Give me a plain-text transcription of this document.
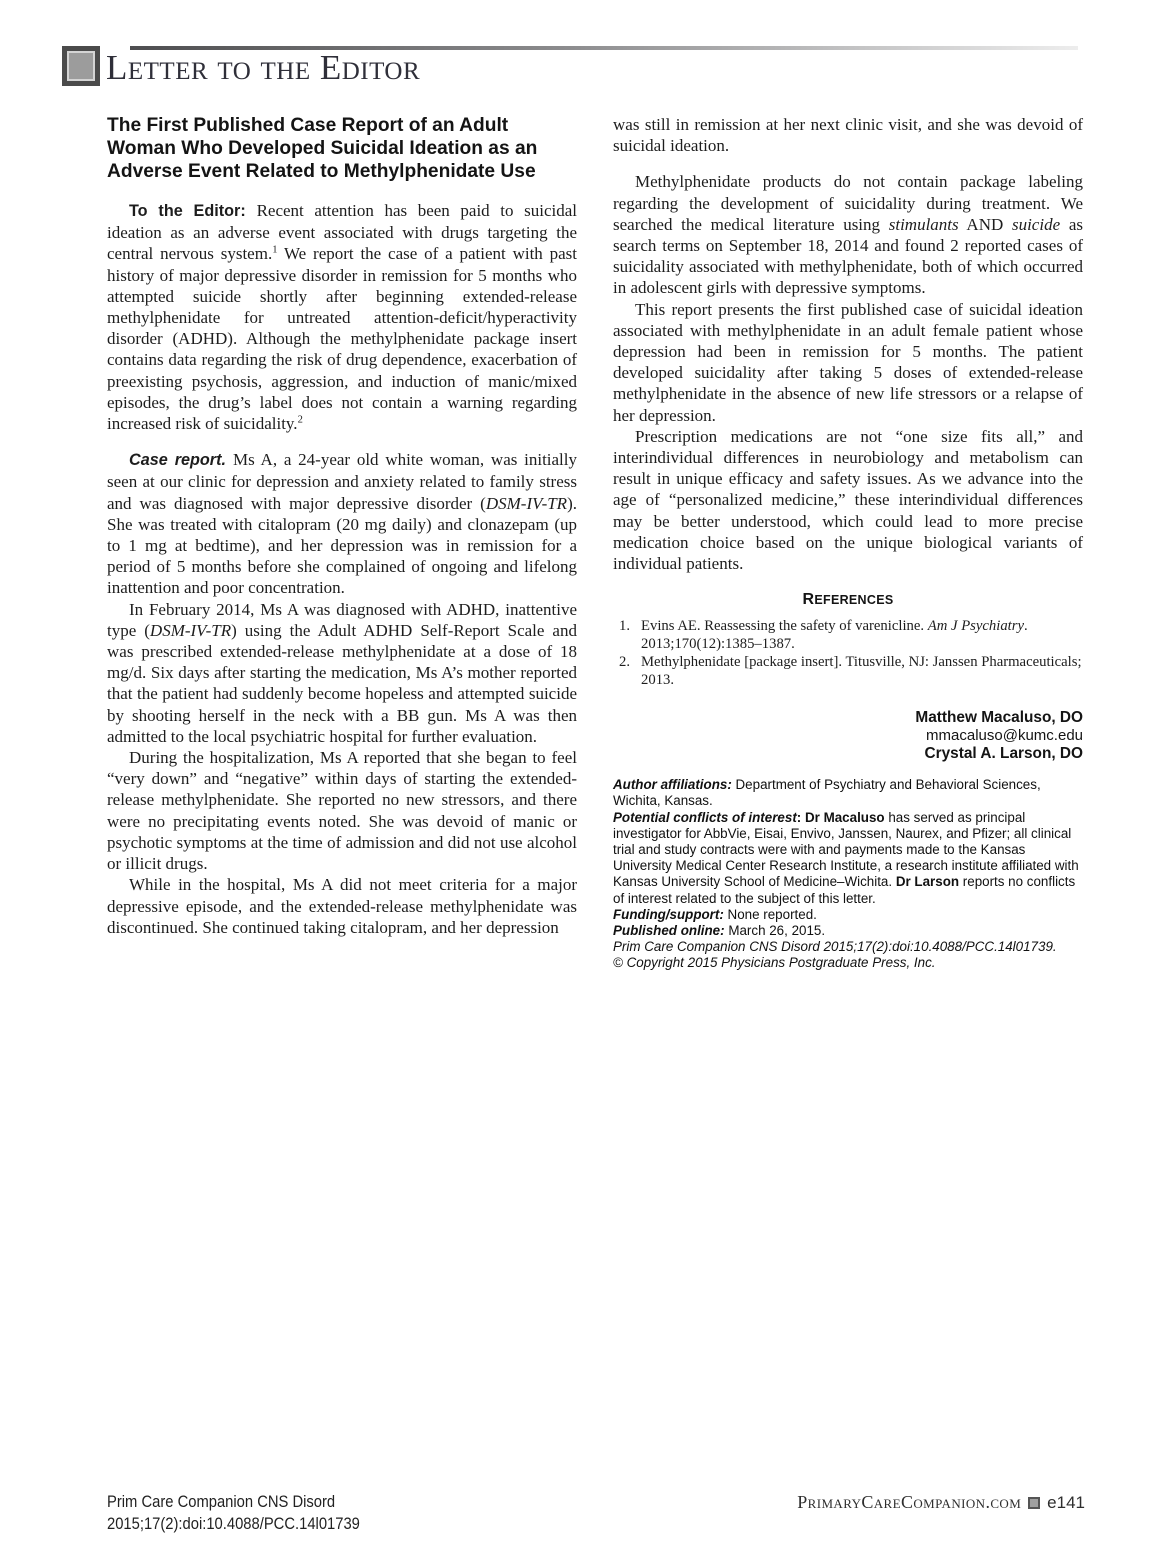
Letter to the Editor
The First Published Case Report of an Adult Woman Who Developed Suicidal Ideation as an Adverse Event Related to Methylphenidate Use

To the Editor: Recent attention has been paid to suicidal ideation as an adverse event associated with drugs targeting the central nervous system.$^1$ We report the case of a patient with past history of major depressive disorder in remission for 5 months who attempted suicide shortly after beginning extended-release methylphenidate for untreated attention-deficit/hyperactivity disorder (ADHD). Although the methylphenidate package insert contains data regarding the risk of drug dependence, exacerbation of preexisting psychosis, aggression, and induction of manic/mixed episodes, the drug’s label does not contain a warning regarding increased risk of suicidality.$^2$

Case report. Ms A, a 24-year old white woman, was initially seen at our clinic for depression and anxiety related to family stress and was diagnosed with major depressive disorder (DSM-IV-TR). She was treated with citalopram (20 mg daily) and clonazepam (up to 1 mg at bedtime), and her depression was in remission for a period of 5 months before she complained of ongoing and lifelong inattention and poor concentration.

In February 2014, Ms A was diagnosed with ADHD, inattentive type (DSM-IV-TR) using the Adult ADHD Self-Report Scale and was prescribed extended-release methylphenidate at a dose of 18 mg/d. Six days after starting the medication, Ms A’s mother reported that the patient had suddenly become hopeless and attempted suicide by shooting herself in the neck with a BB gun. Ms A was then admitted to the local psychiatric hospital for further evaluation.

During the hospitalization, Ms A reported that she began to feel “very down” and “negative” within days of starting the extended-release methylphenidate. She reported no new stressors, and there were no precipitating events noted. She was devoid of manic or psychotic symptoms at the time of admission and did not use alcohol or illicit drugs.

While in the hospital, Ms A did not meet criteria for a major depressive episode, and the extended-release methylphenidate was discontinued. She continued taking citalopram, and her depression

was still in remission at her next clinic visit, and she was devoid of suicidal ideation.

Methylphenidate products do not contain package labeling regarding the development of suicidality during treatment. We searched the medical literature using stimulants AND suicide as search terms on September 18, 2014 and found 2 reported cases of suicidality associated with methylphenidate, both of which occurred in adolescent girls with depressive symptoms.

This report presents the first published case of suicidal ideation associated with methylphenidate in an adult female patient whose depression had been in remission for 5 months. The patient developed suicidality after taking 5 doses of extended-release methylphenidate in the absence of new life stressors or a relapse of her depression.

Prescription medications are not “one size fits all,” and interindividual differences in neurobiology and metabolism can result in unique efficacy and safety issues. As we advance into the age of “personalized medicine,” these interindividual differences may be better understood, which could lead to more precise medication choice based on the unique biological variants of individual patients.

REFERENCES
1. Evins AE. Reassessing the safety of varenicline. Am J Psychiatry. 2013;170(12):1385–1387.
2. Methylphenidate [package insert]. Titusville, NJ: Janssen Pharmaceuticals; 2013.
Matthew Macaluso, DO
mmacaluso@kumc.edu
Crystal A. Larson, DO
Author affiliations: Department of Psychiatry and Behavioral Sciences, Wichita, Kansas.
Potential conflicts of interest: Dr Macaluso has served as principal investigator for AbbVie, Eisai, Envivo, Janssen, Naurex, and Pfizer; all clinical trial and study contracts were with and payments made to the Kansas University Medical Center Research Institute, a research institute affiliated with Kansas University School of Medicine–Wichita. Dr Larson reports no conflicts of interest related to the subject of this letter.
Funding/support: None reported.
Published online: March 26, 2015.
Prim Care Companion CNS Disord 2015;17(2):doi:10.4088/PCC.14l01739.
© Copyright 2015 Physicians Postgraduate Press, Inc.
Prim Care Companion CNS Disord
2015;17(2):doi:10.4088/PCC.14l01739
PrimaryCareCompanion.com e141
